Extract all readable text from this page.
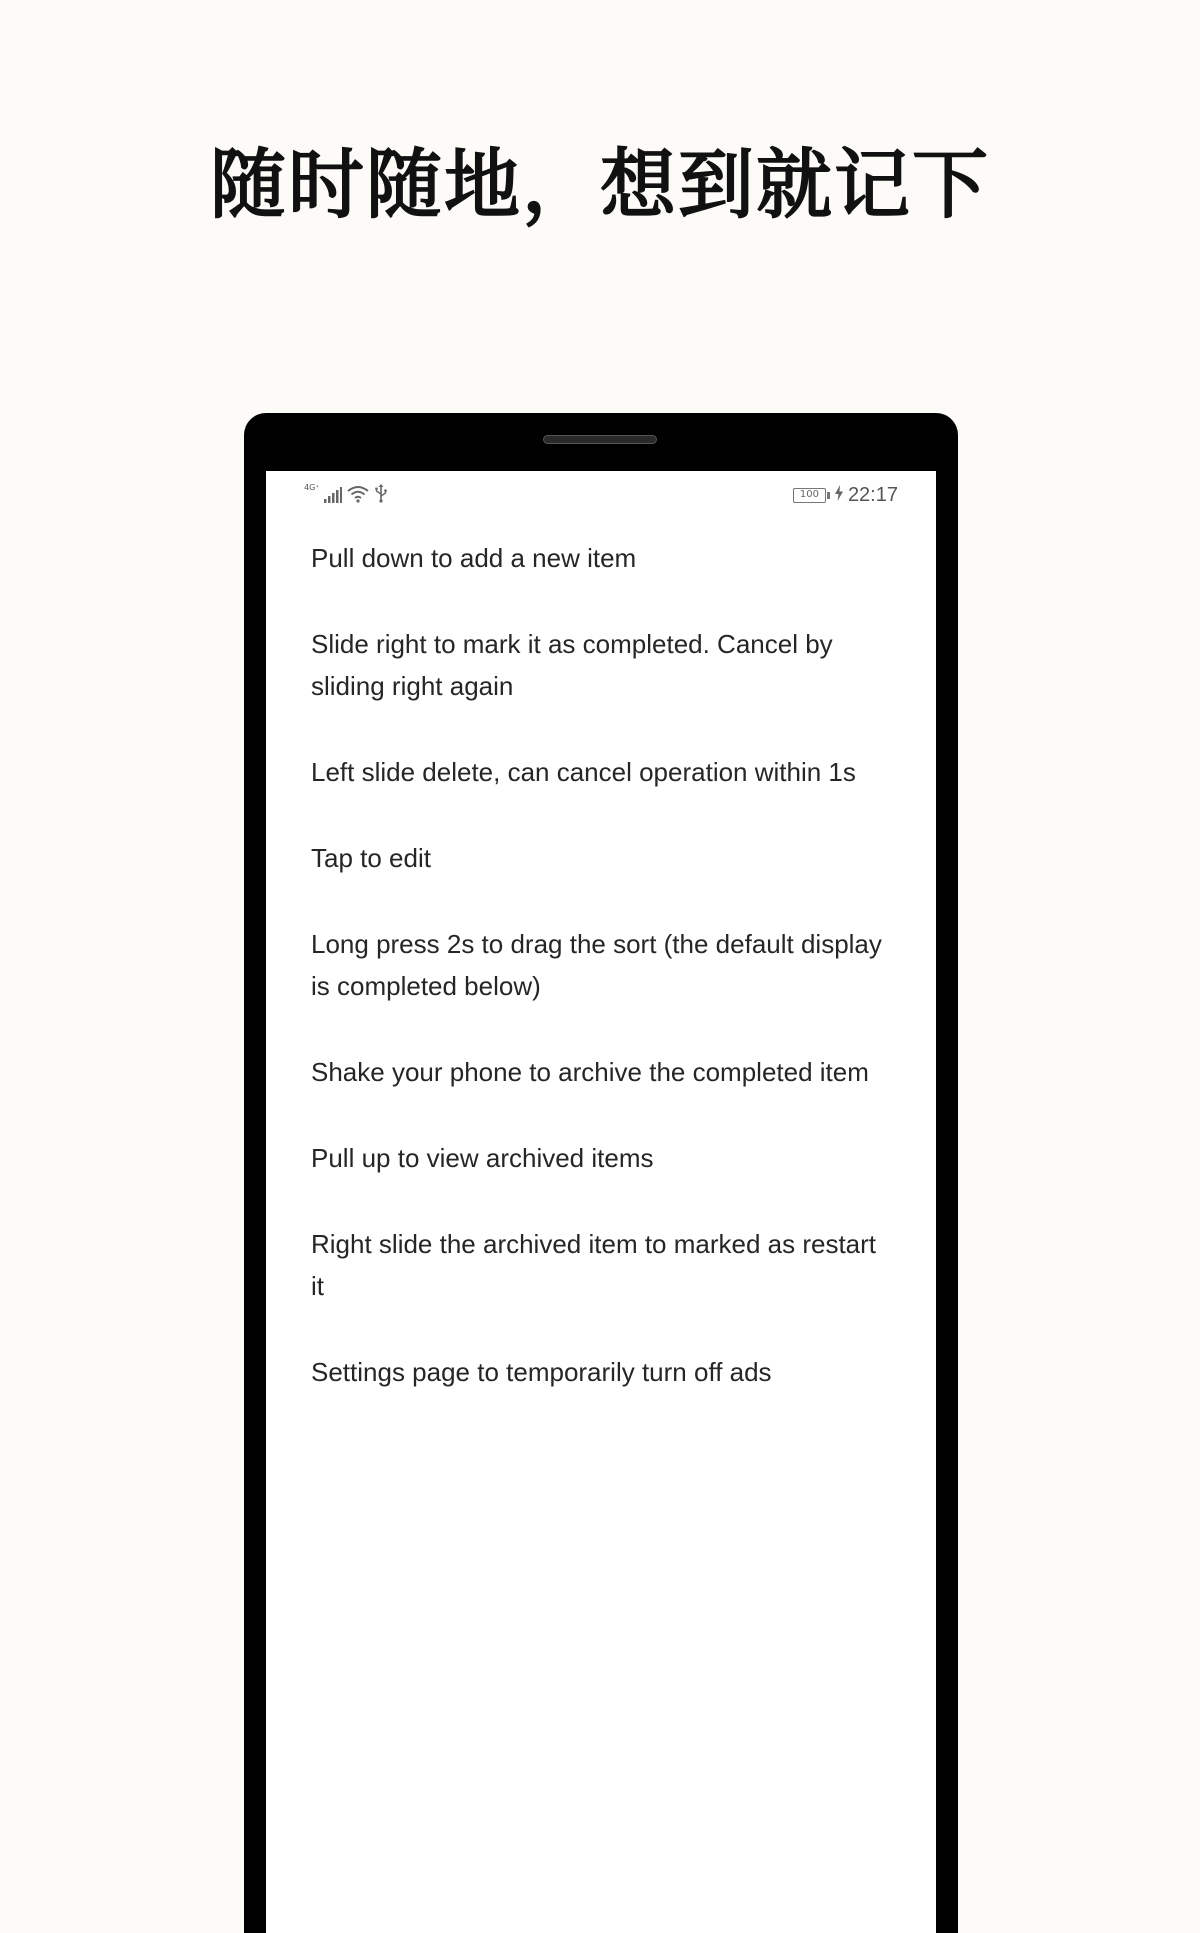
随时随地，想到就记下
4G⁺
100	22:17
Pull down to add a new item
Slide right to mark it as completed. Cancel by sliding right again
Left slide delete, can cancel operation within 1s
Tap to edit
Long press 2s to drag the sort (the default display is completed below)
Shake your phone to archive the completed item
Pull up to view archived items
Right slide the archived item to marked as restart it
Settings page to temporarily turn off ads
